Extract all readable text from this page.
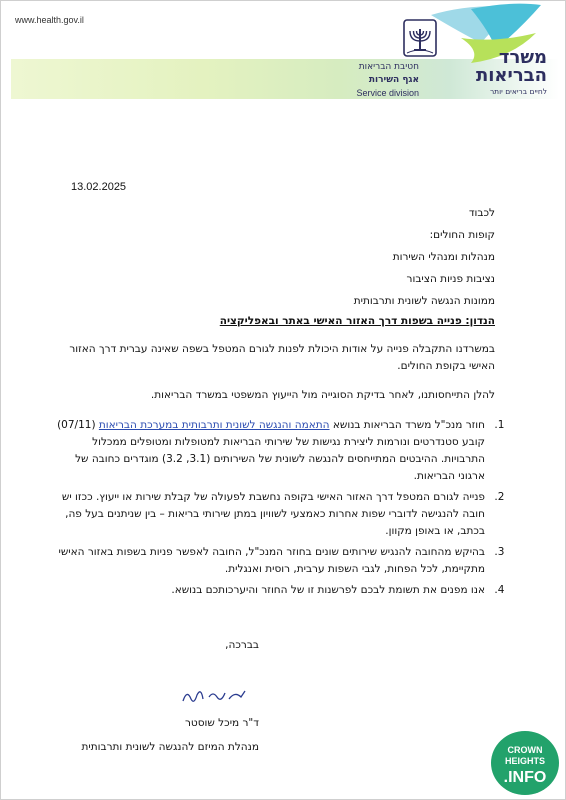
www.health.gov.il
משרד
הבריאות
לחיים בריאים יותר
חטיבת הבריאות
אגף השירות
Service division
13.02.2025
לכבוד
קופות החולים:
מנהלות ומנהלי השירות
נציבות פניות הציבור
ממונות הנגשה לשונית ותרבותית
הנדון: פנייה בשפות דרך האזור האישי באתר ובאפליקציה
במשרדנו התקבלה פנייה על אודות היכולת לפנות לגורם המטפל בשפה שאינה עברית דרך האזור האישי בקופת החולים.
להלן התייחסותנו, לאחר בדיקת הסוגייה מול הייעוץ המשפטי במשרד הבריאות.
1. חוזר מנכ"ל משרד הבריאות בנושא התאמה והנגשה לשונית ותרבותית במערכת הבריאות (07/11) קובע סטנדרטים ונורמות ליצירת נגישות של שירותי הבריאות למטופלות ומטופלים ממכלול התרבויות. ההיבטים המתייחסים להנגשה לשונית של השירותים (3.1, 3.2) מוגדרים כחובה של ארגוני הבריאות.
2. פנייה לגורם המטפל דרך האזור האישי בקופה נחשבת לפעולה של קבלת שירות או ייעוץ. ככזו יש חובה להנגישה לדוברי שפות אחרות כאמצעי לשוויון במתן שירותי בריאות – בין שניתנים בעל פה, בכתב, או באופן מקוון.
3. בהיקש מהחובה להנגיש שירותים שונים בחוזר המנכ"ל, החובה לאפשר פניות בשפות באזור האישי מתקיימת, לכל הפחות, לגבי השפות ערבית, רוסית ואנגלית.
4. אנו מפנים את תשומת לבכם לפרשנות זו של החוזר והיערכותכם בנושא.
בברכה,
ד"ר מיכל שוסטר
מנהלת המיזם להנגשה לשונית ותרבותית	CROWN
HEIGHTS
.INFO
